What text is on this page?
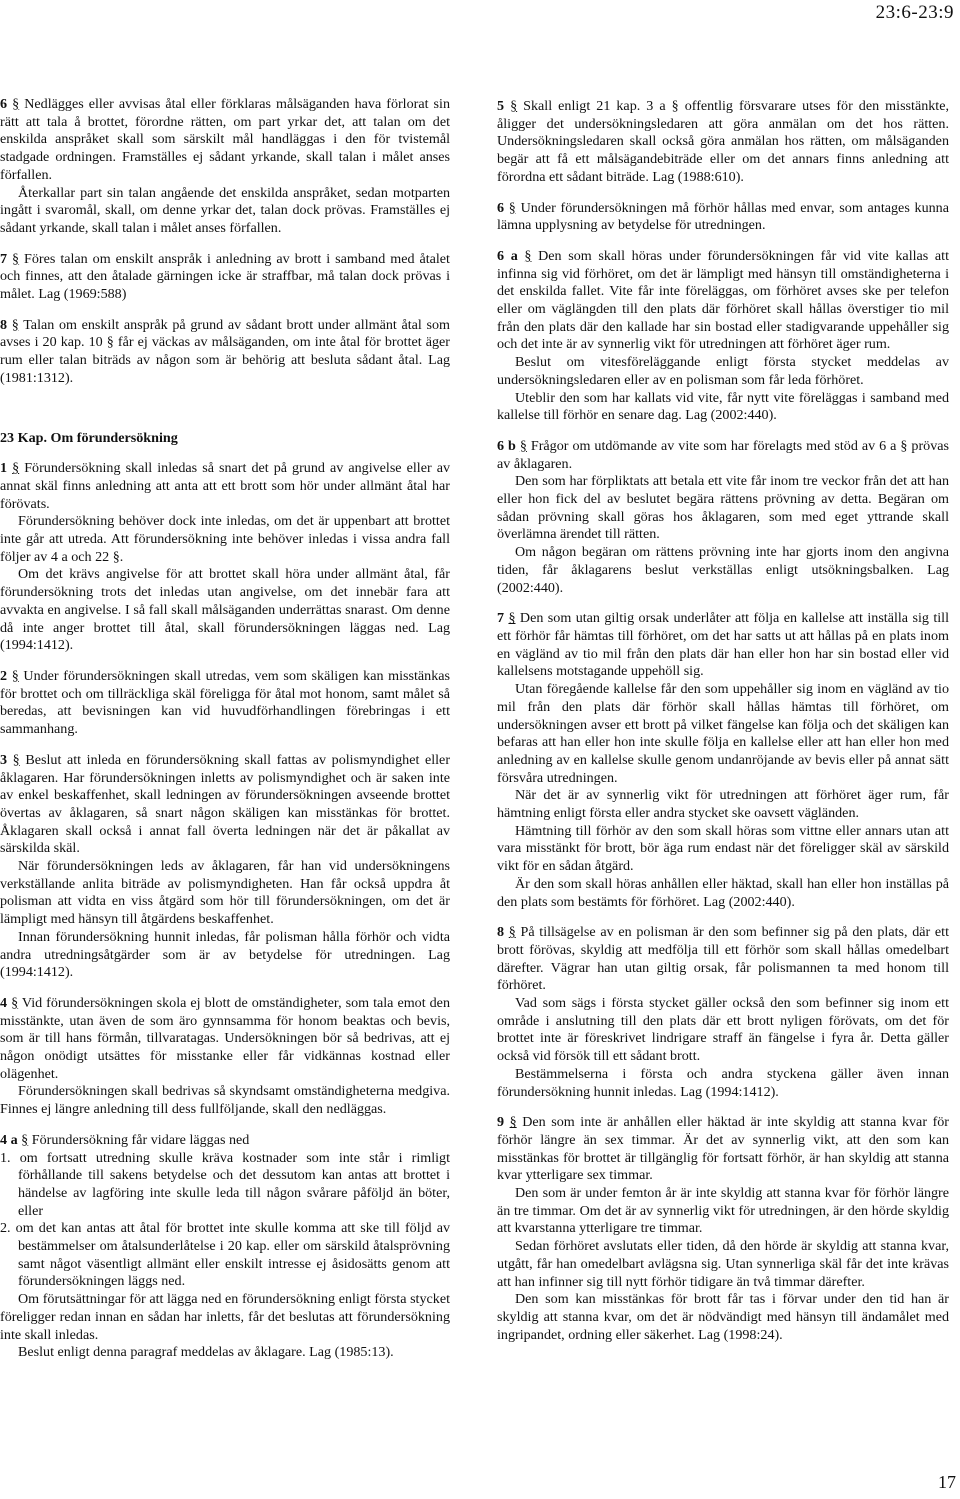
23:6-23:9

6 § Nedlägges eller avvisas åtal eller förklaras målsäganden hava förlorat sin rätt att tala å brottet, förordne rätten, om part yrkar det, att talan om det enskilda anspråket skall som särskilt mål handläggas i den för tvistemål stadgade ordningen. Framställes ej sådant yrkande, skall talan i målet anses förfallen.

Återkallar part sin talan angående det enskilda anspråket, sedan motparten ingått i svaromål, skall, om denne yrkar det, talan dock prövas. Framställes ej sådant yrkande, skall talan i målet anses förfallen.

7 § Föres talan om enskilt anspråk i anledning av brott i samband med åtalet och finnes, att den åtalade gärningen icke är straffbar, må talan dock prövas i målet. Lag (1969:588)

8 § Talan om enskilt anspråk på grund av sådant brott under allmänt åtal som avses i 20 kap. 10 § får ej väckas av målsäganden, om inte åtal för brottet äger rum eller talan biträds av någon som är behörig att besluta sådant åtal. Lag (1981:1312).

23 Kap. Om förundersökning

1 § Förundersökning skall inledas så snart det på grund av angivelse eller av annat skäl finns anledning att anta att ett brott som hör under allmänt åtal har förövats.

Förundersökning behöver dock inte inledas, om det är uppenbart att brottet inte går att utreda. Att förundersökning inte behöver inledas i vissa andra fall följer av 4 a och 22 §.

Om det krävs angivelse för att brottet skall höra under allmänt åtal, får förundersökning trots det inledas utan angivelse, om det innebär fara att avvakta en angivelse. I så fall skall målsäganden underrättas snarast. Om denne då inte anger brottet till åtal, skall förundersökningen läggas ned. Lag (1994:1412).

2 § Under förundersökningen skall utredas, vem som skäligen kan misstänkas för brottet och om tillräckliga skäl föreligga för åtal mot honom, samt målet så beredas, att bevisningen kan vid huvudförhandlingen förebringas i ett sammanhang.

3 § Beslut att inleda en förundersökning skall fattas av polismyndighet eller åklagaren. Har förundersökningen inletts av polismyndighet och är saken inte av enkel beskaffenhet, skall ledningen av förundersökningen avseende brottet övertas av åklagaren, så snart någon skäligen kan misstänkas för brottet. Åklagaren skall också i annat fall överta ledningen när det är påkallat av särskilda skäl.

När förundersökningen leds av åklagaren, får han vid undersökningens verkställande anlita biträde av polismyndigheten. Han får också uppdra åt polisman att vidta en viss åtgärd som hör till förundersökningen, om det är lämpligt med hänsyn till åtgärdens beskaffenhet.

Innan förundersökning hunnit inledas, får polisman hålla förhör och vidta andra utredningsåtgärder som är av betydelse för utredningen. Lag (1994:1412).

4 § Vid förundersökningen skola ej blott de omständigheter, som tala emot den misstänkte, utan även de som äro gynnsamma för honom beaktas och bevis, som är till hans förmån, tillvaratagas. Undersökningen bör så bedrivas, att ej någon onödigt utsättes för misstanke eller får vidkännas kostnad eller olägenhet.

Förundersökningen skall bedrivas så skyndsamt omständigheterna medgiva. Finnes ej längre anledning till dess fullföljande, skall den nedläggas.

4 a § Förundersökning får vidare läggas ned

1. om fortsatt utredning skulle kräva kostnader som inte står i rimligt förhållande till sakens betydelse och det dessutom kan antas att brottet i händelse av lagföring inte skulle leda till någon svårare påföljd än böter, eller

2. om det kan antas att åtal för brottet inte skulle komma att ske till följd av bestämmelser om åtalsunderlåtelse i 20 kap. eller om särskild åtalsprövning samt något väsentligt allmänt eller enskilt intresse ej åsidosätts genom att förundersökningen läggs ned.

Om förutsättningar för att lägga ned en förundersökning enligt första stycket föreligger redan innan en sådan har inletts, får det beslutas att förundersökning inte skall inledas.

Beslut enligt denna paragraf meddelas av åklagare. Lag (1985:13).

5 § Skall enligt 21 kap. 3 a § offentlig försvarare utses för den misstänkte, åligger det undersökningsledaren att göra anmälan om det hos rätten. Undersökningsledaren skall också göra anmälan hos rätten, om målsäganden begär att få ett målsägandebiträde eller om det annars finns anledning att förordna ett sådant biträde. Lag (1988:610).

6 § Under förundersökningen må förhör hållas med envar, som antages kunna lämna upplysning av betydelse för utredningen.

6 a § Den som skall höras under förundersökningen får vid vite kallas att infinna sig vid förhöret, om det är lämpligt med hänsyn till omständigheterna i det enskilda fallet. Vite får inte föreläggas, om förhöret avses ske per telefon eller om väglängden till den plats där förhöret skall hållas överstiger tio mil från den plats där den kallade har sin bostad eller stadigvarande uppehåller sig och det inte är av synnerlig vikt för utredningen att förhöret äger rum.

Beslut om vitesföreläggande enligt första stycket meddelas av undersökningsledaren eller av en polisman som får leda förhöret.

Uteblir den som har kallats vid vite, får nytt vite föreläggas i samband med kallelse till förhör en senare dag. Lag (2002:440).

6 b § Frågor om utdömande av vite som har förelagts med stöd av 6 a § prövas av åklagaren.

Den som har förpliktats att betala ett vite får inom tre veckor från det att han eller hon fick del av beslutet begära rättens prövning av detta. Begäran om sådan prövning skall göras hos åklagaren, som med eget yttrande skall överlämna ärendet till rätten.

Om någon begäran om rättens prövning inte har gjorts inom den angivna tiden, får åklagarens beslut verkställas enligt utsökningsbalken. Lag (2002:440).

7 § Den som utan giltig orsak underlåter att följa en kallelse att inställa sig till ett förhör får hämtas till förhöret, om det har satts ut att hållas på en plats inom en vägländ av tio mil från den plats där han eller hon har sin bostad eller vid kallelsens motstagande uppehöll sig.

Utan föregående kallelse får den som uppehåller sig inom en vägländ av tio mil från den plats där förhör skall hållas hämtas till förhöret, om undersökningen avser ett brott på vilket fängelse kan följa och det skäligen kan befaras att han eller hon inte skulle följa en kallelse eller att han eller hon med anledning av en kallelse skulle genom undanröjande av bevis eller på annat sätt försvåra utredningen.

När det är av synnerlig vikt för utredningen att förhöret äger rum, får hämtning enligt första eller andra stycket ske oavsett vägländen.

Hämtning till förhör av den som skall höras som vittne eller annars utan att vara misstänkt för brott, bör äga rum endast när det föreligger skäl av särskild vikt för en sådan åtgärd.

Är den som skall höras anhållen eller häktad, skall han eller hon inställas på den plats som bestämts för förhöret. Lag (2002:440).

8 § På tillsägelse av en polisman är den som befinner sig på den plats, där ett brott förövas, skyldig att medfölja till ett förhör som skall hållas omedelbart därefter. Vägrar han utan giltig orsak, får polismannen ta med honom till förhöret.

Vad som sägs i första stycket gäller också den som befinner sig inom ett område i anslutning till den plats där ett brott nyligen förövats, om det för brottet inte är föreskrivet lindrigare straff än fängelse i fyra år. Detta gäller också vid försök till ett sådant brott.

Bestämmelserna i första och andra styckena gäller även innan förundersökning hunnit inledas. Lag (1994:1412).

9 § Den som inte är anhållen eller häktad är inte skyldig att stanna kvar för förhör längre än sex timmar. Är det av synnerlig vikt, att den som kan misstänkas för brottet är tillgänglig för fortsatt förhör, är han skyldig att stanna kvar ytterligare sex timmar.

Den som är under femton år är inte skyldig att stanna kvar för förhör längre än tre timmar. Om det är av synnerlig vikt för utredningen, är den hörde skyldig att kvarstanna ytterligare tre timmar.

Sedan förhöret avslutats eller tiden, då den hörde är skyldig att stanna kvar, utgått, får han omedelbart avlägsna sig. Utan synnerliga skäl får det inte krävas att han infinner sig till nytt förhör tidigare än två timmar därefter.

Den som kan misstänkas för brott får tas i förvar under den tid han är skyldig att stanna kvar, om det är nödvändigt med hänsyn till ändamålet med ingripandet, ordning eller säkerhet. Lag (1998:24).

17
